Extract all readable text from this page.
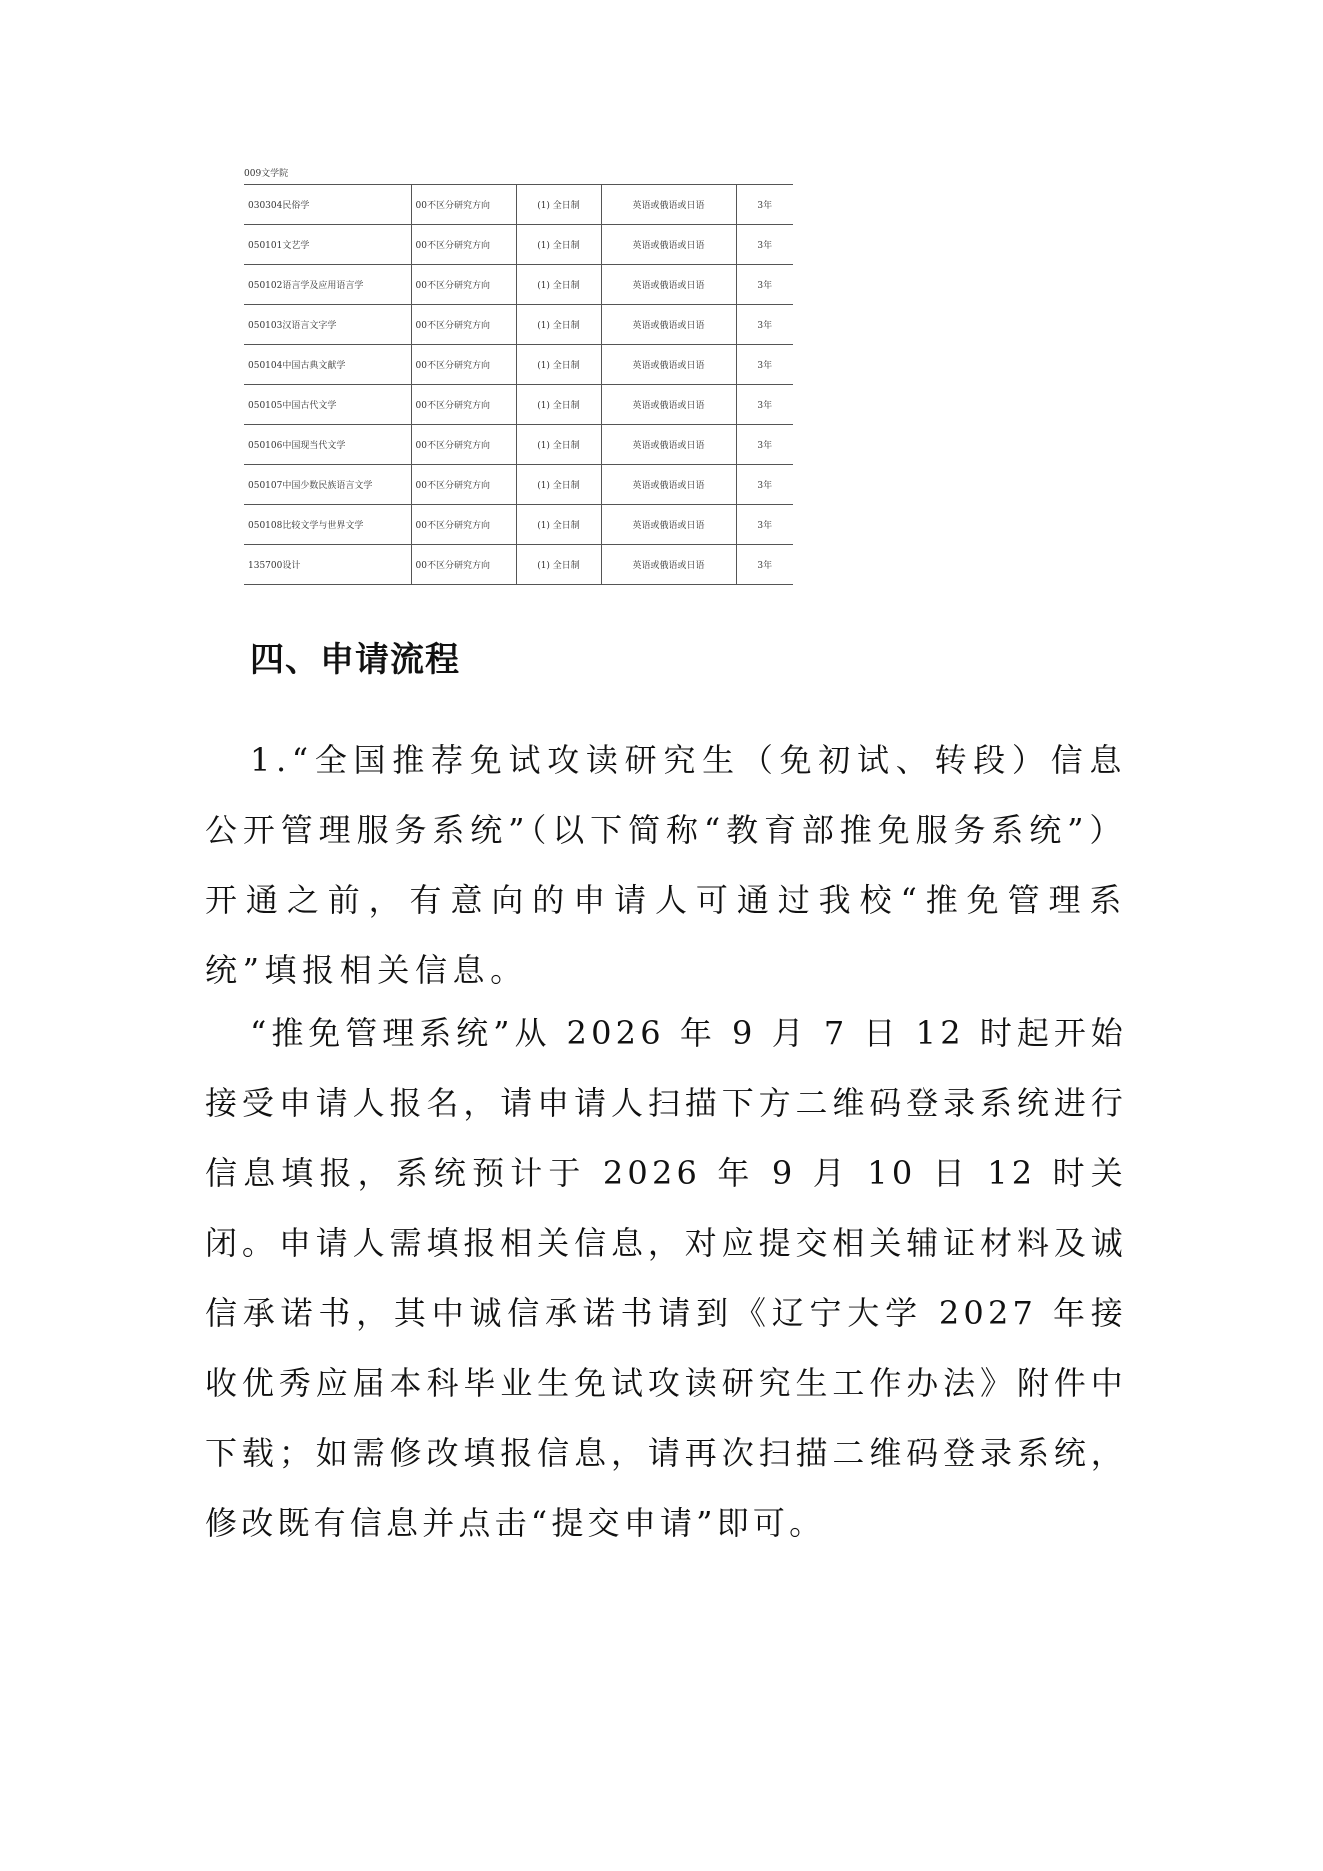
009文学院
030304民俗学	00不区分研究方向	(1) 全日制	英语或俄语或日语	3年
050101文艺学	00不区分研究方向	(1) 全日制	英语或俄语或日语	3年
050102语言学及应用语言学	00不区分研究方向	(1) 全日制	英语或俄语或日语	3年
050103汉语言文字学	00不区分研究方向	(1) 全日制	英语或俄语或日语	3年
050104中国古典文献学	00不区分研究方向	(1) 全日制	英语或俄语或日语	3年
050105中国古代文学	00不区分研究方向	(1) 全日制	英语或俄语或日语	3年
050106中国现当代文学	00不区分研究方向	(1) 全日制	英语或俄语或日语	3年
050107中国少数民族语言文学	00不区分研究方向	(1) 全日制	英语或俄语或日语	3年
050108比较文学与世界文学	00不区分研究方向	(1) 全日制	英语或俄语或日语	3年
135700设计	00不区分研究方向	(1) 全日制	英语或俄语或日语	3年
四、申请流程

1.“全国推荐免试攻读研究生（免初试、转段）信息公开管理服务系统”（以下简称“教育部推免服务系统”）开通之前，有意向的申请人可通过我校“推免管理系统”填报相关信息。

“推免管理系统”从 2026 年 9 月 7 日 12 时起开始接受申请人报名，请申请人扫描下方二维码登录系统进行信息填报，系统预计于 2026 年 9 月 10 日 12 时关闭。申请人需填报相关信息，对应提交相关辅证材料及诚信承诺书，其中诚信承诺书请到《辽宁大学 2027 年接收优秀应届本科毕业生免试攻读研究生工作办法》附件中下载；如需修改填报信息，请再次扫描二维码登录系统，修改既有信息并点击“提交申请”即可。
